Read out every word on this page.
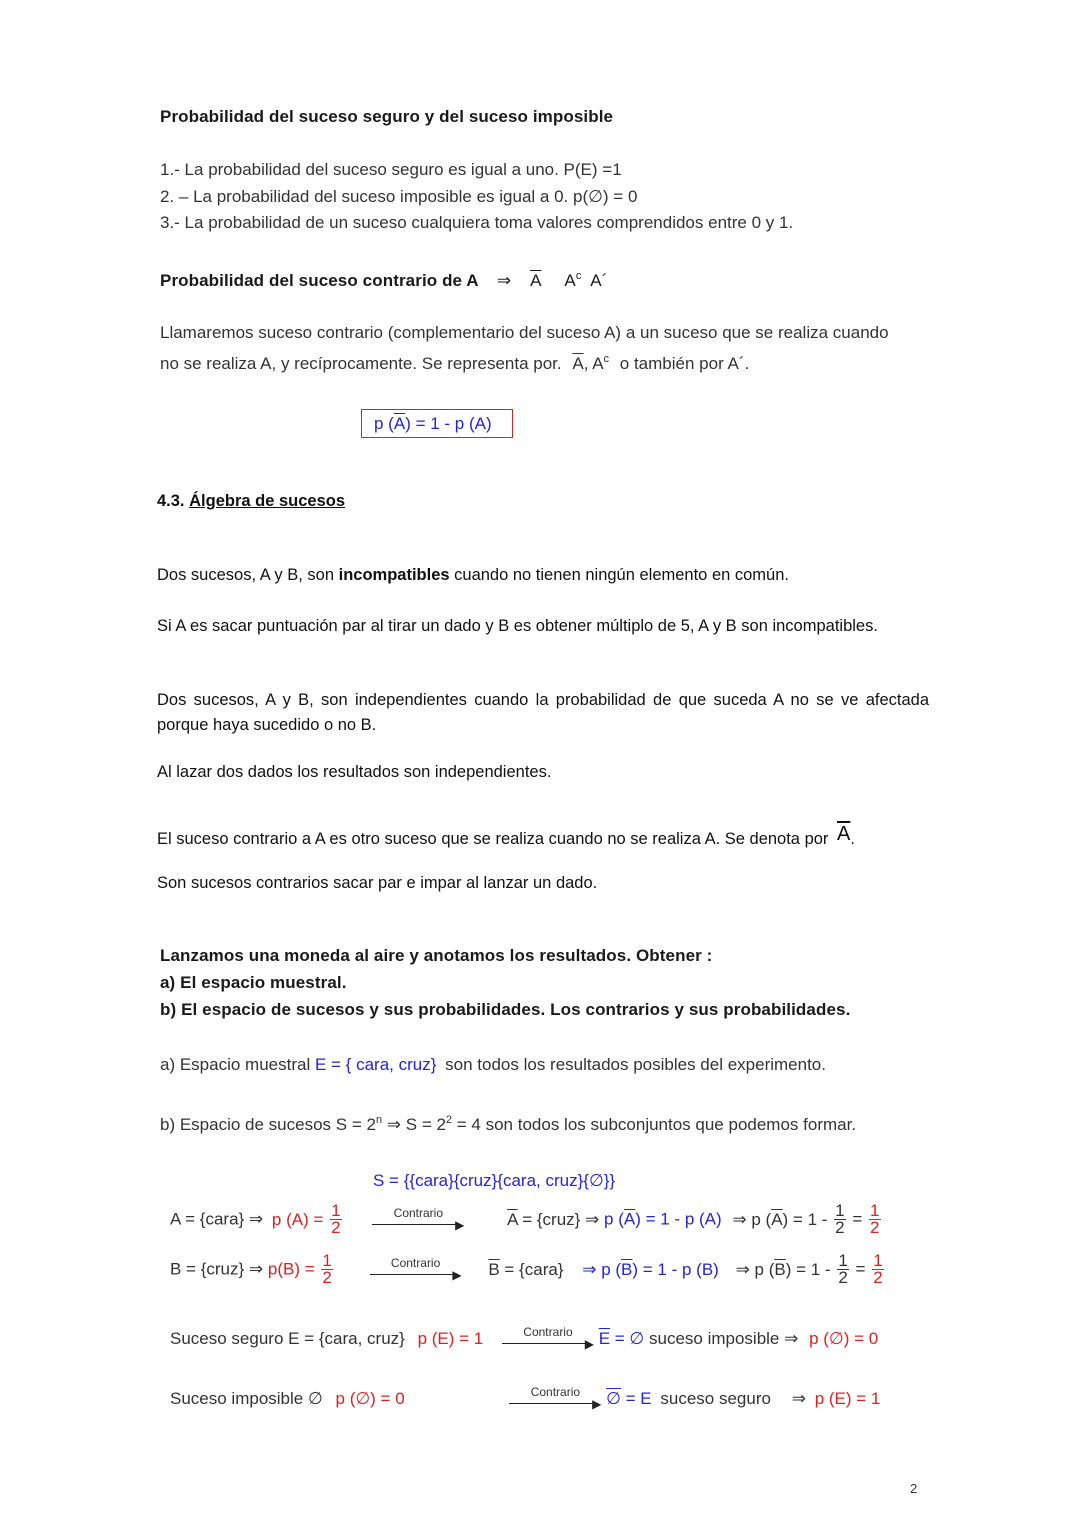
Probabilidad del suceso seguro y del suceso imposible
1.- La probabilidad del suceso seguro es igual a uno. P(E) =1
2. – La probabilidad del suceso imposible es igual a 0. p(∅) = 0
3.- La probabilidad de un suceso cualquiera toma valores comprendidos entre 0 y 1.
Probabilidad del suceso contrario de A ⇒ $\overline{A}$ $A^c$ A´
Llamaremos suceso contrario (complementario del suceso A) a un suceso que se realiza cuando
no se realiza A, y recíprocamente. Se representa por. $\overline{A}$, $A^c$ o también por A´.
p $(\overline{A}) = 1 - p$ (A)
4.3. Álgebra de sucesos
Dos sucesos, A y B, son incompatibles cuando no tienen ningún elemento en común.
Si A es sacar puntuación par al tirar un dado y B es obtener múltiplo de 5, A y B son incompatibles.
Dos sucesos, A y B, son independientes cuando la probabilidad de que suceda A no se ve afectada porque haya sucedido o no B.
Al lazar dos dados los resultados son independientes.
El suceso contrario a A es otro suceso que se realiza cuando no se realiza A. Se denota por $\overline{A}$.
Son sucesos contrarios sacar par e impar al lanzar un dado.
Lanzamos una moneda al aire y anotamos los resultados. Obtener :
a) El espacio muestral.
b) El espacio de sucesos y sus probabilidades. Los contrarios y sus probabilidades.
a) Espacio muestral E = { cara, cruz} son todos los resultados posibles del experimento.
b) Espacio de sucesos $S = 2^n$ ⇒ $S = 2^2 = 4$ son todos los subconjuntos que podemos formar.
S = {{cara}{cruz}{cara, cruz}{∅}}
A = {cara} ⇒ p $(A) = \frac{1}{2}$
	Contrario
▶	$\overline{A}$ = {cruz} ⇒ p $(\overline{A}) = 1 - p$ (A) ⇒ p $(\overline{A}) = 1 - \frac{1}{2} = \frac{1}{2}$
B = {cruz} ⇒ $p(B) = \frac{1}{2}$
	Contrario
▶ $\overline{B}$ = {cara} ⇒ p $(\overline{B}) = 1 - p$ (B) ⇒ p $(\overline{B}) = 1 - \frac{1}{2} = \frac{1}{2}$
Suceso seguro E = {cara, cruz} p (E) = 1	Contrario
▶ $\overline{E}$ = ∅ suceso imposible ⇒ p (∅) = 0
Suceso imposible ∅ p (∅) = 0	Contrario
▶ ∅ = E suceso seguro ⇒ p (E) = 1
2
